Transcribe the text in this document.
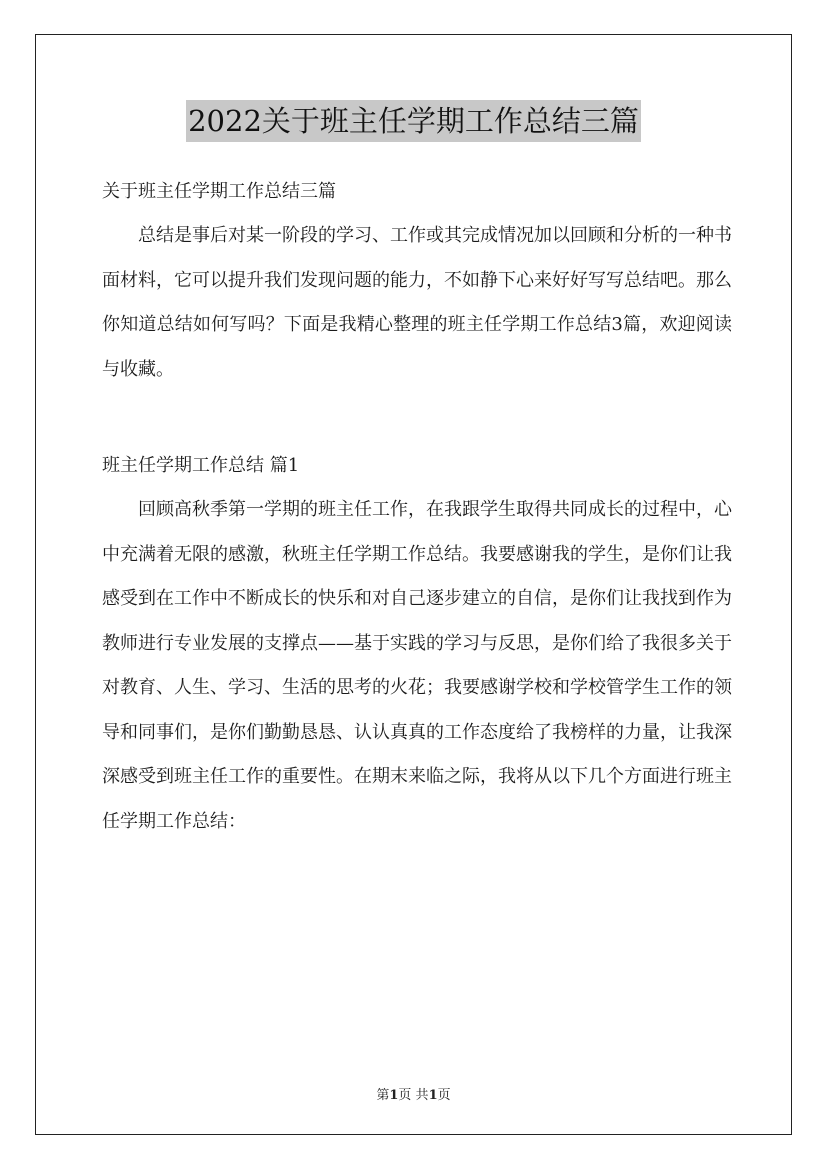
2022关于班主任学期工作总结三篇

关于班主任学期工作总结三篇

总结是事后对某一阶段的学习、工作或其完成情况加以回顾和分析的一种书面材料，它可以提升我们发现问题的能力，不如静下心来好好写写总结吧。那么你知道总结如何写吗？下面是我精心整理的班主任学期工作总结3篇，欢迎阅读与收藏。

班主任学期工作总结 篇1

回顾高秋季第一学期的班主任工作，在我跟学生取得共同成长的过程中，心中充满着无限的感激，秋班主任学期工作总结。我要感谢我的学生，是你们让我感受到在工作中不断成长的快乐和对自己逐步建立的自信，是你们让我找到作为教师进行专业发展的支撑点——基于实践的学习与反思，是你们给了我很多关于对教育、人生、学习、生活的思考的火花；我要感谢学校和学校管学生工作的领导和同事们，是你们勤勤恳恳、认认真真的工作态度给了我榜样的力量，让我深深感受到班主任工作的重要性。在期末来临之际，我将从以下几个方面进行班主任学期工作总结：

第1页 共1页
